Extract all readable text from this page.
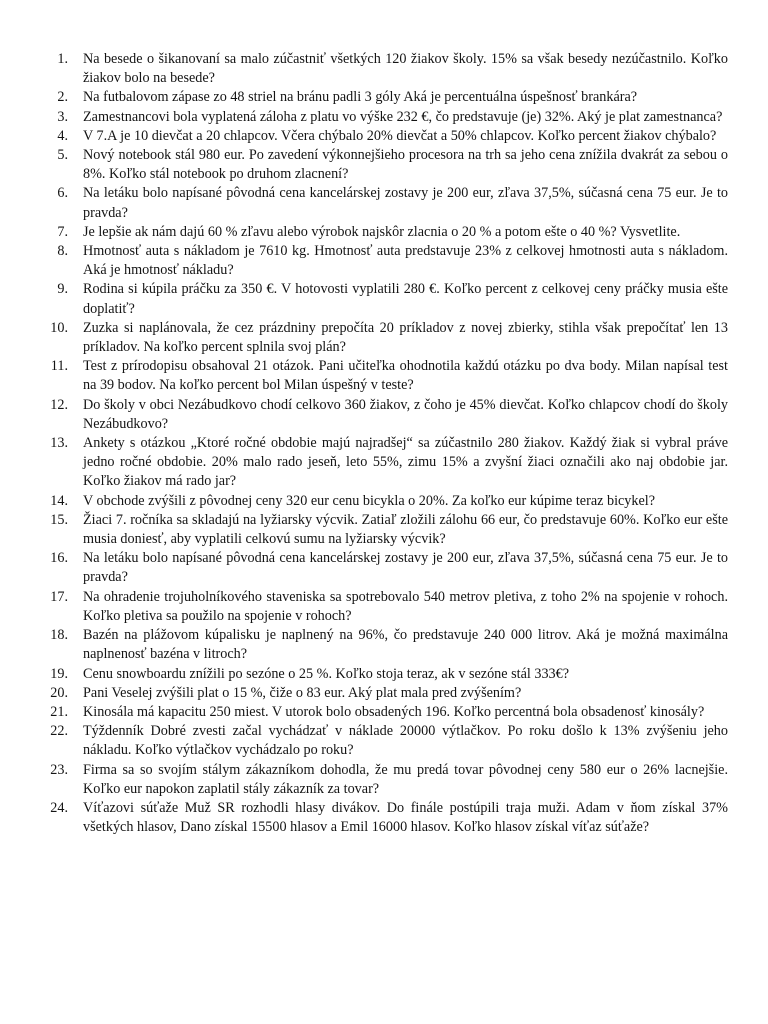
1 . Na besede o šikanovaní sa malo zúčastniť všetkých 120 žiakov školy. 15% sa však besedy nezúčastnilo. Koľko žiakov bolo na besede?
2 . Na futbalovom zápase zo 48 striel na bránu padli 3 góly Aká je percentuálna úspešnosť brankára?
3 . Zamestnancovi bola vyplatená záloha z platu vo výške 232 €, čo predstavuje (je) 32%. Aký je plat zamestnanca?
4 . V 7.A je 10 dievčat a 20 chlapcov. Včera chýbalo 20% dievčat a 50% chlapcov. Koľko percent žiakov chýbalo?
5 . Nový notebook stál 980 eur. Po zavedení výkonnejšieho procesora na trh sa jeho cena znížila dvakrát za sebou o 8%. Koľko stál notebook po druhom zlacnení?
6 . Na letáku bolo napísané pôvodná cena kancelárskej zostavy je 200 eur, zľava 37,5%, súčasná cena 75 eur. Je to pravda?
7 . Je lepšie ak nám dajú 60 % zľavu alebo výrobok najskôr zlacnia o 20 % a potom ešte o 40 %? Vysvetlite.
8 . Hmotnosť auta s nákladom je 7610 kg. Hmotnosť auta predstavuje 23% z celkovej hmotnosti auta s nákladom. Aká je hmotnosť nákladu?
9 . Rodina si kúpila práčku za 350 €. V hotovosti vyplatili 280 €. Koľko percent z celkovej ceny práčky musia ešte doplatiť?
10 . Zuzka si naplánovala, že cez prázdniny prepočíta 20 príkladov z novej zbierky, stihla však prepočítať len 13 príkladov. Na koľko percent splnila svoj plán?
11 . Test z prírodopisu obsahoval 21 otázok. Pani učiteľka ohodnotila každú otázku po dva body. Milan napísal test na 39 bodov. Na koľko percent bol Milan úspešný v teste?
12 . Do školy v obci Nezábudkovo chodí celkovo 360 žiakov, z čoho je 45% dievčat. Koľko chlapcov chodí do školy Nezábudkovo?
13 . Ankety s otázkou „Ktoré ročné obdobie majú najradšej“ sa zúčastnilo 280 žiakov. Každý žiak si vybral práve jedno ročné obdobie. 20% malo rado jeseň, leto 55%, zimu 15% a zvyšní žiaci označili ako naj obdobie jar. Koľko žiakov má rado jar?
14 . V obchode zvýšili z pôvodnej ceny 320 eur cenu bicykla o 20%. Za koľko eur kúpime teraz bicykel?
15 . Žiaci 7. ročníka sa skladajú na lyžiarsky výcvik. Zatiaľ zložili zálohu 66 eur, čo predstavuje 60%. Koľko eur ešte musia doniesť, aby vyplatili celkovú sumu na lyžiarsky výcvik?
16 . Na letáku bolo napísané pôvodná cena kancelárskej zostavy je 200 eur, zľava 37,5%, súčasná cena 75 eur. Je to pravda?
17 . Na ohradenie trojuholníkového staveniska sa spotrebovalo 540 metrov pletiva, z toho 2% na spojenie v rohoch. Koľko pletiva sa použilo na spojenie v rohoch?
18 . Bazén na plážovom kúpalisku je naplnený na 96%, čo predstavuje 240 000 litrov. Aká je možná maximálna naplnenosť bazéna v litroch?
19 . Cenu snowboardu znížili po sezóne o 25 %. Koľko stoja teraz, ak v sezóne stál 333€?
20 . Pani Veselej zvýšili plat o 15 %, čiže o 83 eur. Aký plat mala pred zvýšením?
21 . Kinosála má kapacitu 250 miest. V utorok bolo obsadených 196. Koľko percentná bola obsadenosť kinosály?
22 . Týždenník Dobré zvesti začal vychádzať v náklade 20000 výtlačkov. Po roku došlo k 13% zvýšeniu jeho nákladu. Koľko výtlačkov vychádzalo po roku?
23 . Firma sa so svojím stálym zákazníkom dohodla, že mu predá tovar pôvodnej ceny 580 eur o 26% lacnejšie. Koľko eur napokon zaplatil stály zákazník za tovar?
24 . Víťazovi súťaže Muž SR rozhodli hlasy divákov. Do finále postúpili traja muži. Adam v ňom získal 37% všetkých hlasov, Dano získal 15500 hlasov a Emil 16000 hlasov. Koľko hlasov získal víťaz súťaže?
